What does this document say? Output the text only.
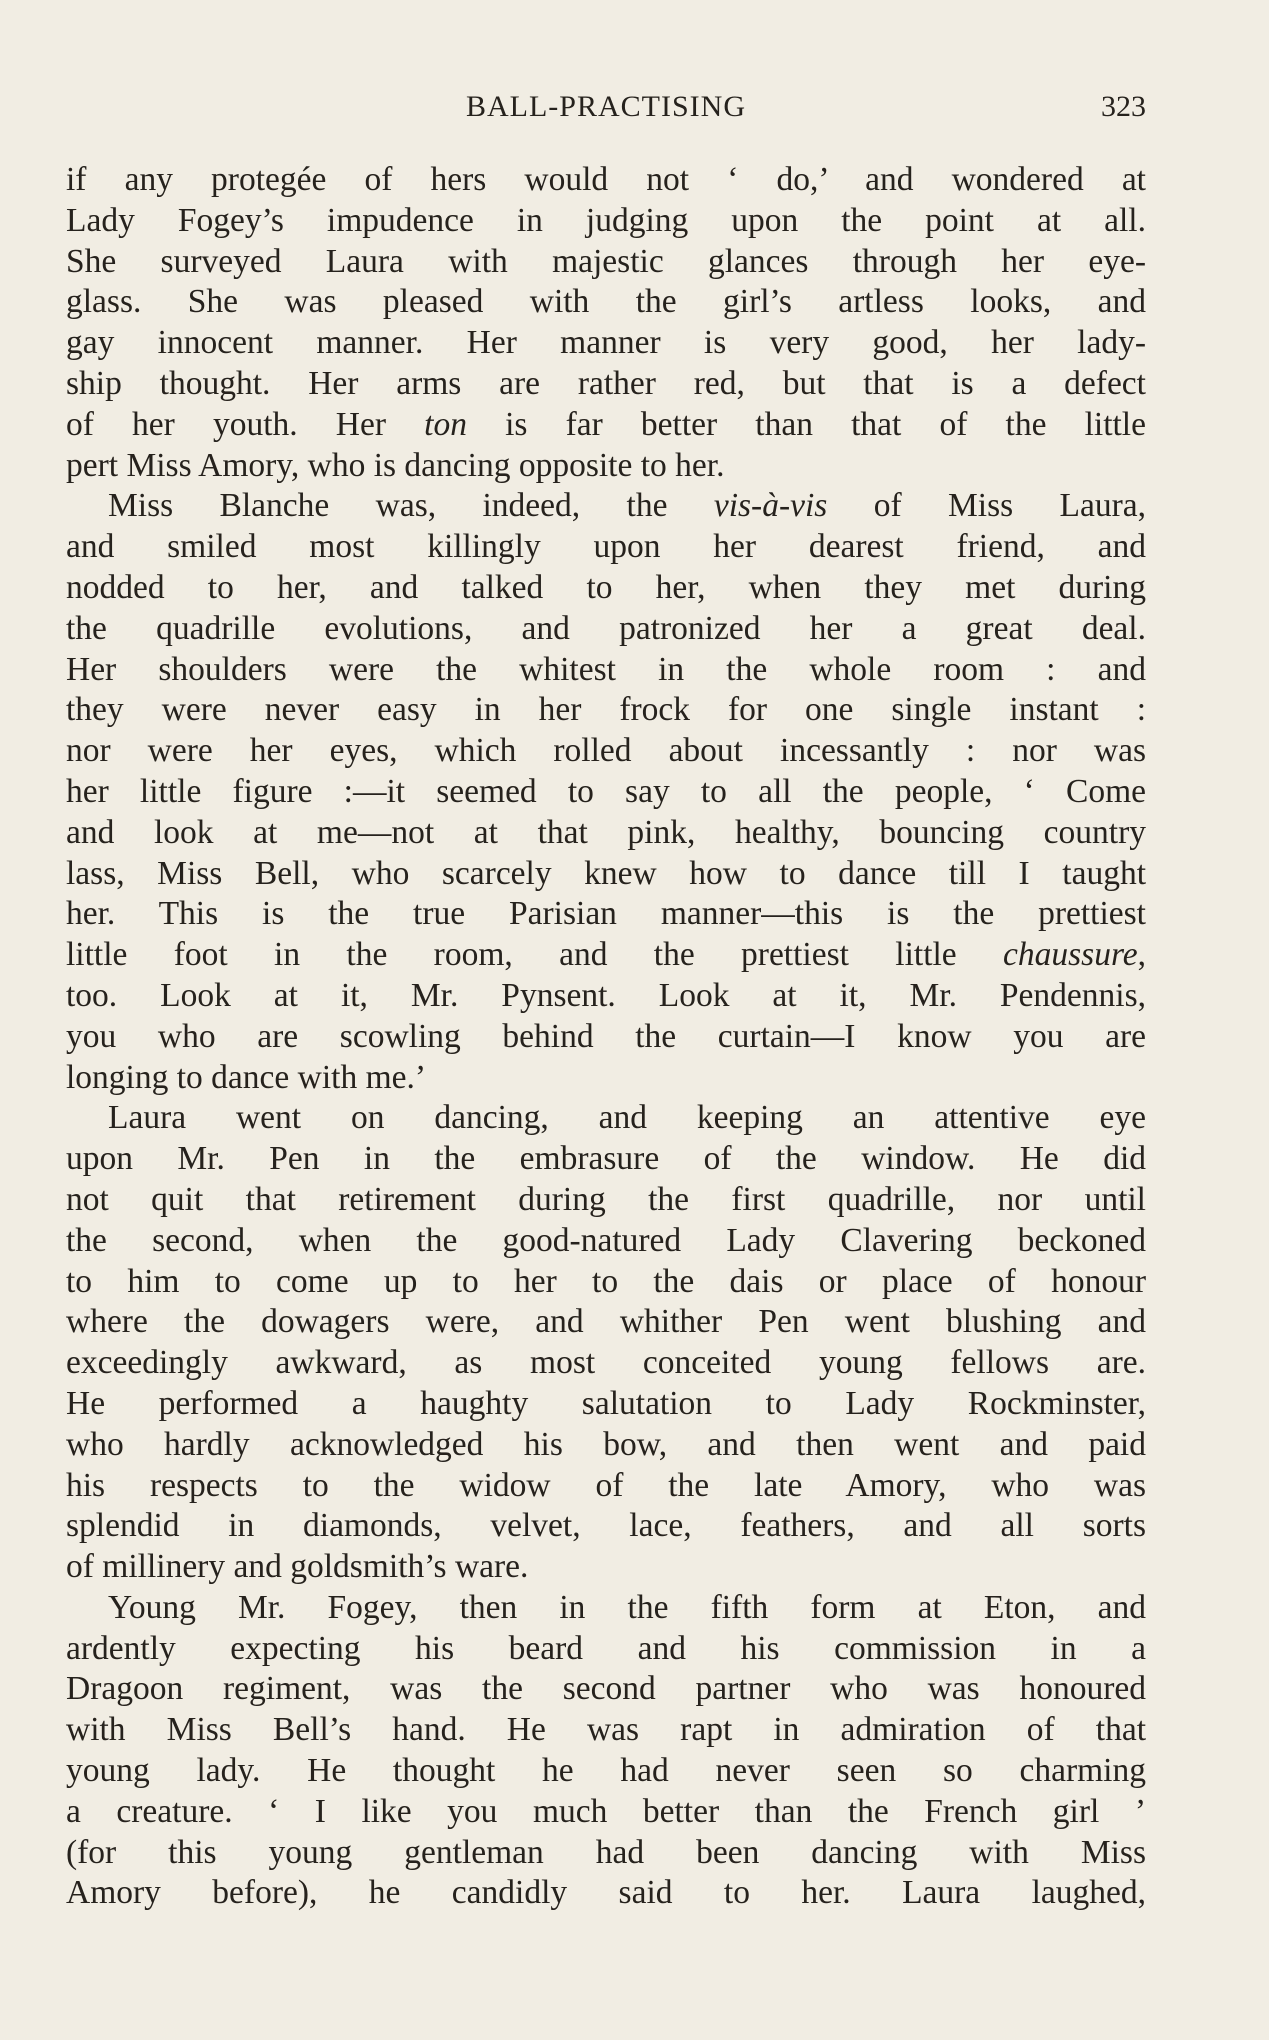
BALL-PRACTISING	323
if any protegée of hers would not ‘ do,’ and wondered at
Lady Fogey’s impudence in judging upon the point at all.
She surveyed Laura with majestic glances through her eye-
glass. She was pleased with the girl’s artless looks, and
gay innocent manner. Her manner is very good, her lady-
ship thought. Her arms are rather red, but that is a defect
of her youth. Her ton is far better than that of the little
pert Miss Amory, who is dancing opposite to her.
Miss Blanche was, indeed, the vis-à-vis of Miss Laura,
and smiled most killingly upon her dearest friend, and
nodded to her, and talked to her, when they met during
the quadrille evolutions, and patronized her a great deal.
Her shoulders were the whitest in the whole room : and
they were never easy in her frock for one single instant :
nor were her eyes, which rolled about incessantly : nor was
her little figure :—it seemed to say to all the people, ‘ Come
and look at me—not at that pink, healthy, bouncing country
lass, Miss Bell, who scarcely knew how to dance till I taught
her. This is the true Parisian manner—this is the prettiest
little foot in the room, and the prettiest little chaussure,
too. Look at it, Mr. Pynsent. Look at it, Mr. Pendennis,
you who are scowling behind the curtain—I know you are
longing to dance with me.’
Laura went on dancing, and keeping an attentive eye
upon Mr. Pen in the embrasure of the window. He did
not quit that retirement during the first quadrille, nor until
the second, when the good-natured Lady Clavering beckoned
to him to come up to her to the dais or place of honour
where the dowagers were, and whither Pen went blushing and
exceedingly awkward, as most conceited young fellows are.
He performed a haughty salutation to Lady Rockminster,
who hardly acknowledged his bow, and then went and paid
his respects to the widow of the late Amory, who was
splendid in diamonds, velvet, lace, feathers, and all sorts
of millinery and goldsmith’s ware.
Young Mr. Fogey, then in the fifth form at Eton, and
ardently expecting his beard and his commission in a
Dragoon regiment, was the second partner who was honoured
with Miss Bell’s hand. He was rapt in admiration of that
young lady. He thought he had never seen so charming
a creature. ‘ I like you much better than the French girl ’
(for this young gentleman had been dancing with Miss
Amory before), he candidly said to her. Laura laughed,
